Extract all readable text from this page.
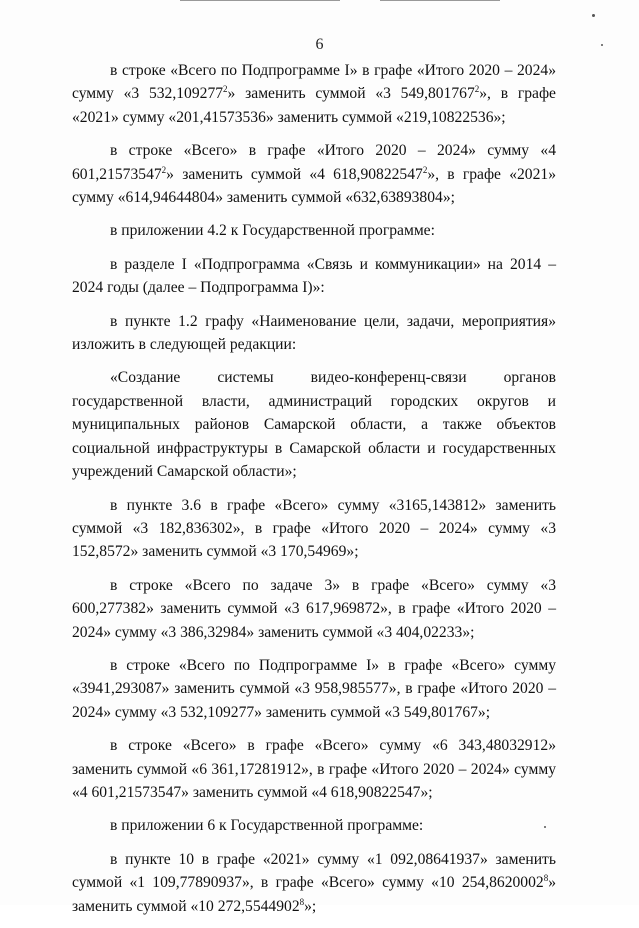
6

в строке «Всего по Подпрограмме I» в графе «Итого 2020 – 2024» сумму «3 532,109277$^2$» заменить суммой «3 549,801767$^2$», в графе «2021» сумму «201,41573536» заменить суммой «219,10822536»;

в строке «Всего» в графе «Итого 2020 – 2024» сумму «4 601,21573547$^2$» заменить суммой «4 618,90822547$^2$», в графе «2021» сумму «614,94644804» заменить суммой «632,63893804»;

в приложении 4.2 к Государственной программе:

в разделе I «Подпрограмма «Связь и коммуникации» на 2014 – 2024 годы (далее – Подпрограмма I)»:

в пункте 1.2 графу «Наименование цели, задачи, мероприятия» изложить в следующей редакции:

«Создание системы видео-конференц-связи органов государственной власти, администраций городских округов и муниципальных районов Самарской области, а также объектов социальной инфраструктуры в Самарской области и государственных учреждений Самарской области»;

в пункте 3.6 в графе «Всего» сумму «3165,143812» заменить суммой «3 182,836302», в графе «Итого 2020 – 2024» сумму «3 152,8572» заменить суммой «3 170,54969»;

в строке «Всего по задаче 3» в графе «Всего» сумму «3 600,277382» заменить суммой «3 617,969872», в графе «Итого 2020 – 2024» сумму «3 386,32984» заменить суммой «3 404,02233»;

в строке «Всего по Подпрограмме I» в графе «Всего» сумму «3941,293087» заменить суммой «3 958,985577», в графе «Итого 2020 – 2024» сумму «3 532,109277» заменить суммой «3 549,801767»;

в строке «Всего» в графе «Всего» сумму «6 343,48032912» заменить суммой «6 361,17281912», в графе «Итого 2020 – 2024» сумму «4 601,21573547» заменить суммой «4 618,90822547»;

в приложении 6 к Государственной программе:

в пункте 10 в графе «2021» сумму «1 092,08641937» заменить суммой «1 109,77890937», в графе «Всего» сумму «10 254,8620002$^8$» заменить суммой «10 272,5544902$^8$»;
